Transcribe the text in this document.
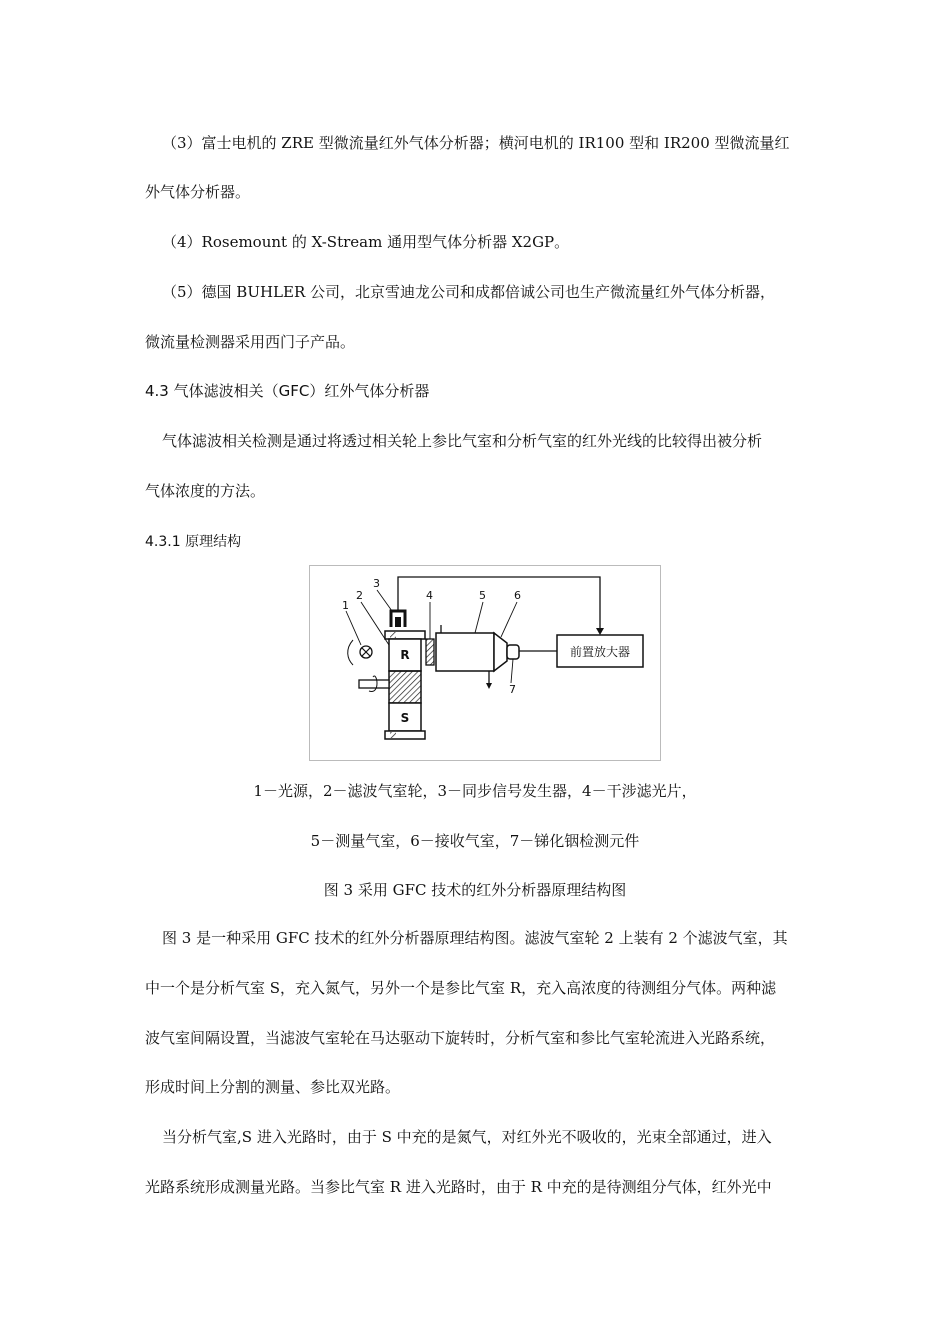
（3）富士电机的 ZRE 型微流量红外气体分析器；横河电机的 IR100 型和 IR200 型微流量红
外气体分析器。
（4）Rosemount 的 X-Stream 通用型气体分析器 X2GP。
（5）德国 BUHLER 公司，北京雪迪龙公司和成都倍诚公司也生产微流量红外气体分析器，
微流量检测器采用西门子产品。
4.3 气体滤波相关（GFC）红外气体分析器
气体滤波相关检测是通过将透过相关轮上参比气室和分析气室的红外光线的比较得出被分析
气体浓度的方法。
4.3.1 原理结构
前置放大器
R
S
1
2
3
4	5	6
7
1－光源，2－滤波气室轮，3－同步信号发生器，4－干涉滤光片，
5－测量气室，6－接收气室，7－锑化铟检测元件
图 3 采用 GFC 技术的红外分析器原理结构图
图 3 是一种采用 GFC 技术的红外分析器原理结构图。滤波气室轮 2 上装有 2 个滤波气室，其
中一个是分析气室 S，充入氮气，另外一个是参比气室 R，充入高浓度的待测组分气体。两种滤
波气室间隔设置，当滤波气室轮在马达驱动下旋转时，分析气室和参比气室轮流进入光路系统，
形成时间上分割的测量、参比双光路。
当分析气室,S 进入光路时，由于 S 中充的是氮气，对红外光不吸收的，光束全部通过，进入
光路系统形成测量光路。当参比气室 R 进入光路时，由于 R 中充的是待测组分气体，红外光中
